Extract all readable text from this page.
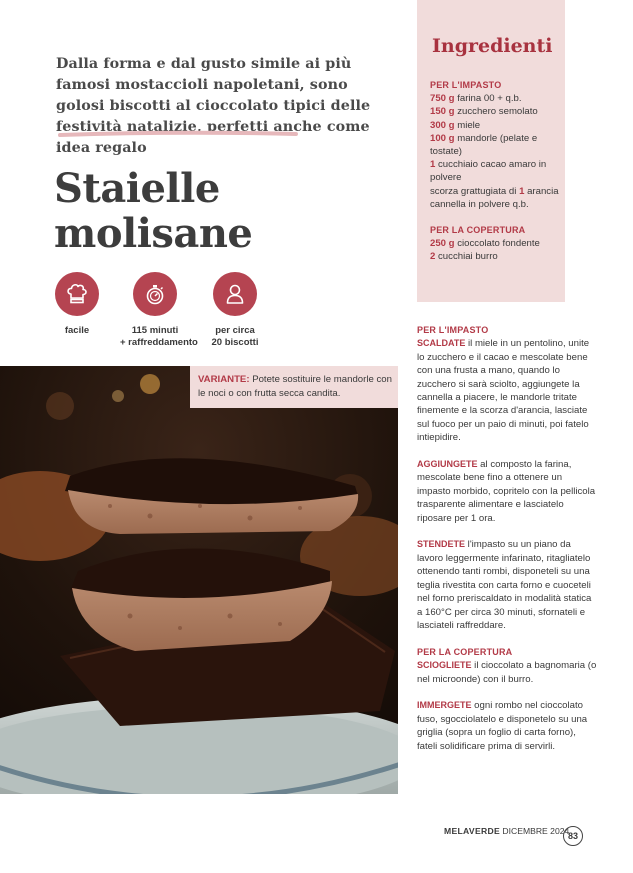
Dalla forma e dal gusto simile ai più famosi mostaccioli napoletani, sono golosi biscotti al cioccolato tipici delle festività natalizie, perfetti anche come idea regalo
Staielle
molisane
facile	115 minuti
+ raffreddamento
per circa
20 biscotti
Ingredienti
PER L'IMPASTO
750 g farina 00 + q.b.
150 g zucchero semolato
300 g miele
100 g mandorle (pelate e tostate)
1 cucchiaio cacao amaro in polvere
scorza grattugiata di 1 arancia
cannella in polvere q.b.
PER LA COPERTURA
250 g cioccolato fondente
2 cucchiai burro
VARIANTE: Potete sostituire le mandorle con le noci o con frutta secca candita.
PER L'IMPASTO

SCALDATE il miele in un pentolino, unite lo zucchero e il cacao e mescolate bene con una frusta a mano, quando lo zucchero si sarà sciolto, aggiungete la cannella a piacere, le mandorle tritate finemente e la scorza d'arancia, lasciate sul fuoco per un paio di minuti, poi fatelo intiepidire.

AGGIUNGETE al composto la farina, mescolate bene fino a ottenere un impasto morbido, copritelo con la pellicola trasparente alimentare e lasciatelo riposare per 1 ora.

STENDETE l'impasto su un piano da lavoro leggermente infarinato, ritagliatelo ottenendo tanti rombi, disponeteli su una teglia rivestita con carta forno e cuoceteli nel forno preriscaldato in modalità statica a 160°C per circa 30 minuti, sfornateli e lasciateli raffreddare.

PER LA COPERTURA

SCIOGLIETE il cioccolato a bagnomaria (o nel microonde) con il burro.

IMMERGETE ogni rombo nel cioccolato fuso, sgocciolatelo e disponetelo su una griglia (sopra un foglio di carta forno), fateli solidificare prima di servirli.

MELAVERDE DICEMBRE 2024
83
